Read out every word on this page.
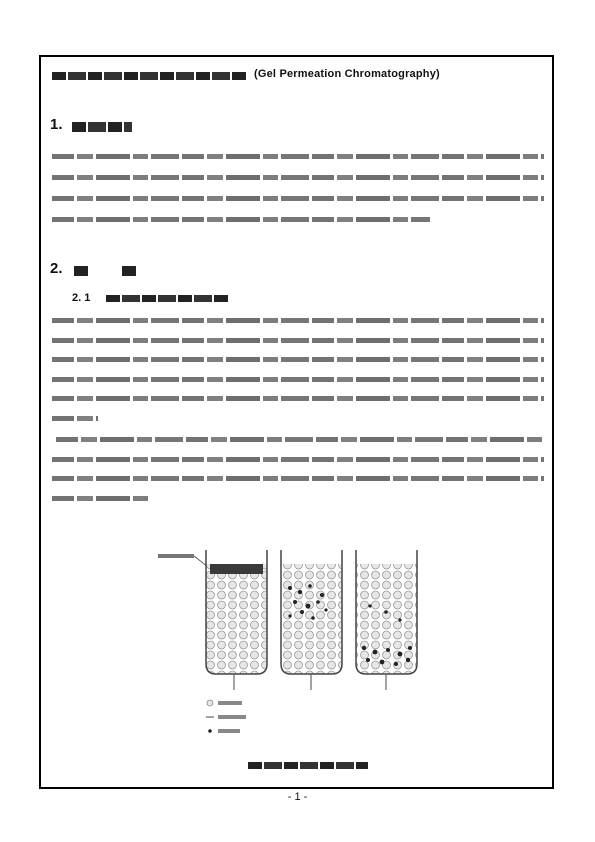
(Gel Permeation Chromatography)
1.
2.
2. 1
- 1 -
